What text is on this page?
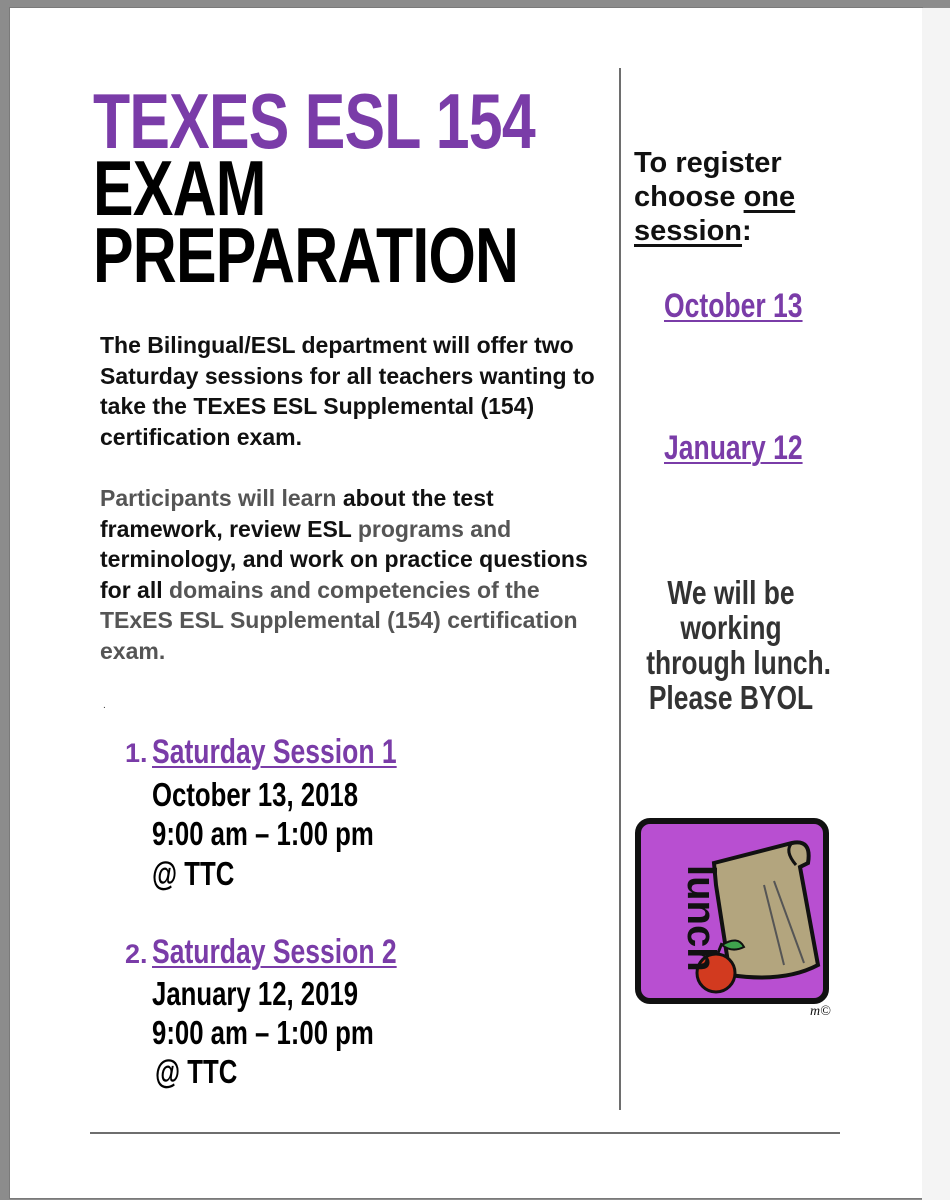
TEXES ESL 154
EXAM
PREPARATION
The Bilingual/ESL department will offer two Saturday sessions for all teachers wanting to take the TExES ESL Supplemental (154) certification exam.
Participants will learn about the test framework, review ESL programs and terminology, and work on practice questions for all domains and competencies of the TExES ESL Supplemental (154) certification exam.
.
1. Saturday Session 1
October 13, 2018
9:00 am – 1:00 pm
@ TTC
2. Saturday Session 2
January 12, 2019
9:00 am – 1:00 pm
@ TTC
To register
choose one
session:
October 13
January 12
We will be
working
through lunch.
Please BYOL
lunch
m©
